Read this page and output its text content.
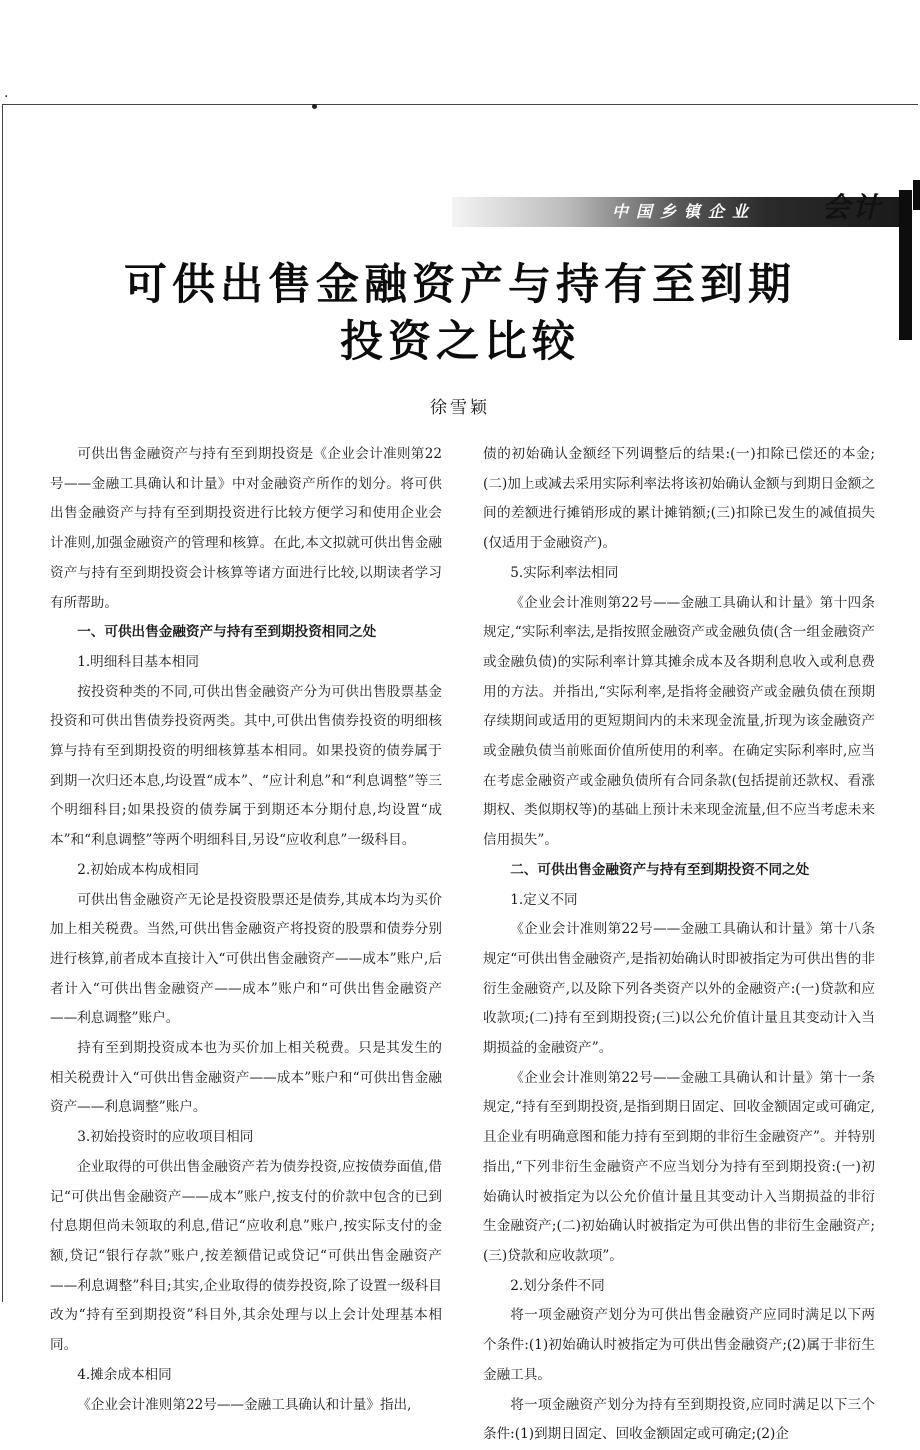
.
中国乡镇企业	会计
可供出售金融资产与持有至到期
投资之比较
徐雪颖

可供出售金融资产与持有至到期投资是《企业会计准则第22号——金融工具确认和计量》中对金融资产所作的划分。将可供出售金融资产与持有至到期投资进行比较方便学习和使用企业会计准则,加强金融资产的管理和核算。在此,本文拟就可供出售金融资产与持有至到期投资会计核算等诸方面进行比较,以期读者学习有所帮助。

一、可供出售金融资产与持有至到期投资相同之处

1.明细科目基本相同

按投资种类的不同,可供出售金融资产分为可供出售股票基金投资和可供出售债券投资两类。其中,可供出售债券投资的明细核算与持有至到期投资的明细核算基本相同。如果投资的债券属于到期一次归还本息,均设置“成本”、“应计利息”和“利息调整”等三个明细科目;如果投资的债券属于到期还本分期付息,均设置“成本”和“利息调整”等两个明细科目,另设“应收利息”一级科目。

2.初始成本构成相同

可供出售金融资产无论是投资股票还是债券,其成本均为买价加上相关税费。当然,可供出售金融资产将投资的股票和债券分别进行核算,前者成本直接计入“可供出售金融资产——成本”账户,后者计入“可供出售金融资产——成本”账户和“可供出售金融资产——利息调整”账户。

持有至到期投资成本也为买价加上相关税费。只是其发生的相关税费计入“可供出售金融资产——成本”账户和“可供出售金融资产——利息调整”账户。

3.初始投资时的应收项目相同

企业取得的可供出售金融资产若为债券投资,应按债券面值,借记“可供出售金融资产——成本”账户,按支付的价款中包含的已到付息期但尚未领取的利息,借记“应收利息”账户,按实际支付的金额,贷记“银行存款”账户,按差额借记或贷记“可供出售金融资产——利息调整”科目;其实,企业取得的债券投资,除了设置一级科目改为“持有至到期投资”科目外,其余处理与以上会计处理基本相同。

4.摊余成本相同

《企业会计准则第22号——金融工具确认和计量》指出,

债的初始确认金额经下列调整后的结果:(一)扣除已偿还的本金;(二)加上或减去采用实际利率法将该初始确认金额与到期日金额之间的差额进行摊销形成的累计摊销额;(三)扣除已发生的减值损失(仅适用于金融资产)。

5.实际利率法相同

《企业会计准则第22号——金融工具确认和计量》第十四条规定,“实际利率法,是指按照金融资产或金融负债(含一组金融资产或金融负债)的实际利率计算其摊余成本及各期利息收入或利息费用的方法。并指出,“实际利率,是指将金融资产或金融负债在预期存续期间或适用的更短期间内的未来现金流量,折现为该金融资产或金融负债当前账面价值所使用的利率。在确定实际利率时,应当在考虑金融资产或金融负债所有合同条款(包括提前还款权、看涨期权、类似期权等)的基础上预计未来现金流量,但不应当考虑未来信用损失”。

二、可供出售金融资产与持有至到期投资不同之处

1.定义不同

《企业会计准则第22号——金融工具确认和计量》第十八条规定“可供出售金融资产,是指初始确认时即被指定为可供出售的非衍生金融资产,以及除下列各类资产以外的金融资产:(一)贷款和应收款项;(二)持有至到期投资;(三)以公允价值计量且其变动计入当期损益的金融资产”。

《企业会计准则第22号——金融工具确认和计量》第十一条规定,“持有至到期投资,是指到期日固定、回收金额固定或可确定,且企业有明确意图和能力持有至到期的非衍生金融资产”。并特别指出,“下列非衍生金融资产不应当划分为持有至到期投资:(一)初始确认时被指定为以公允价值计量且其变动计入当期损益的非衍生金融资产;(二)初始确认时被指定为可供出售的非衍生金融资产;(三)贷款和应收款项”。

2.划分条件不同

将一项金融资产划分为可供出售金融资产应同时满足以下两个条件:(1)初始确认时被指定为可供出售金融资产;(2)属于非衍生金融工具。

将一项金融资产划分为持有至到期投资,应同时满足以下三个条件:(1)到期日固定、回收金额固定或可确定;(2)企
